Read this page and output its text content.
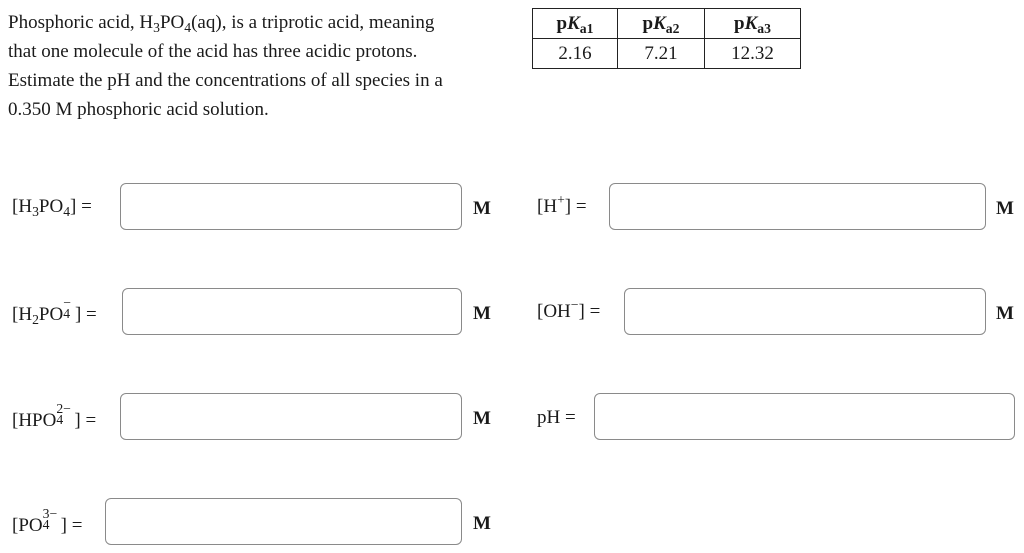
Phosphoric acid, $H_3PO_4(aq)$, is a triprotic acid, meaning

that one molecule of the acid has three acidic protons.

Estimate the pH and the concentrations of all species in a

0.350 M phosphoric acid solution.

$pK_{a1}$	$pK_{a2}$	$pK_{a3}$
2.16	7.21	12.32
$[H_3PO_4]$ =	M
[$H_2PO$
−
4 ] =	M
[HPO
2−
4 ] =	M
[PO
3−
4 ] =	M
[H+] =	M
[OH−] =	M
pH =
